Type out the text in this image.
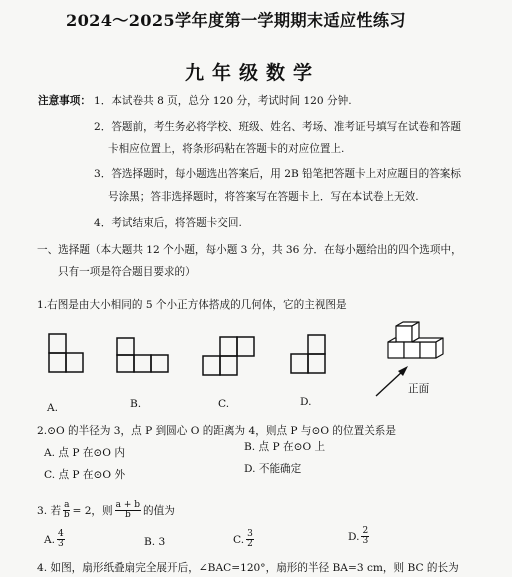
2024～2025学年度第一学期期末适应性练习
九年级数学
注意事项： 1．本试卷共 8 页，总分 120 分，考试时间 120 分钟.
2．答题前，考生务必将学校、班级、姓名、考场、准考证号填写在试卷和答题
卡相应位置上，将条形码粘在答题卡的对应位置上.
3．答选择题时，每小题选出答案后，用 2B 铅笔把答题卡上对应题目的答案标
号涂黑；答非选择题时，将答案写在答题卡上．写在本试卷上无效.
4．考试结束后，将答题卡交回.
一、选择题（本大题共 12 个小题，每小题 3 分，共 36 分．在每小题给出的四个选项中，
只有一项是符合题目要求的）
1.右图是由大小相同的 5 个小正方体搭成的几何体，它的主视图是
A.	B.	C.	D.
正面
2.⊙O 的半径为 3，点 P 到圆心 O 的距离为 4，则点 P 与⊙O 的位置关系是
A. 点 P 在⊙O 内	B. 点 P 在⊙O 上
C. 点 P 在⊙O 外	D. 不能确定
3. 若 $\frac{a}{b} = 2$，则 $\frac{a + b}{b}$ 的值为
A. $\frac{4}{3}$	B. 3	C. $\frac{3}{2}$	D. $\frac{2}{3}$
4. 如图，扇形纸叠扇完全展开后，∠BAC=120°，扇形的半径 BA=3 cm，则 BC 的长为
